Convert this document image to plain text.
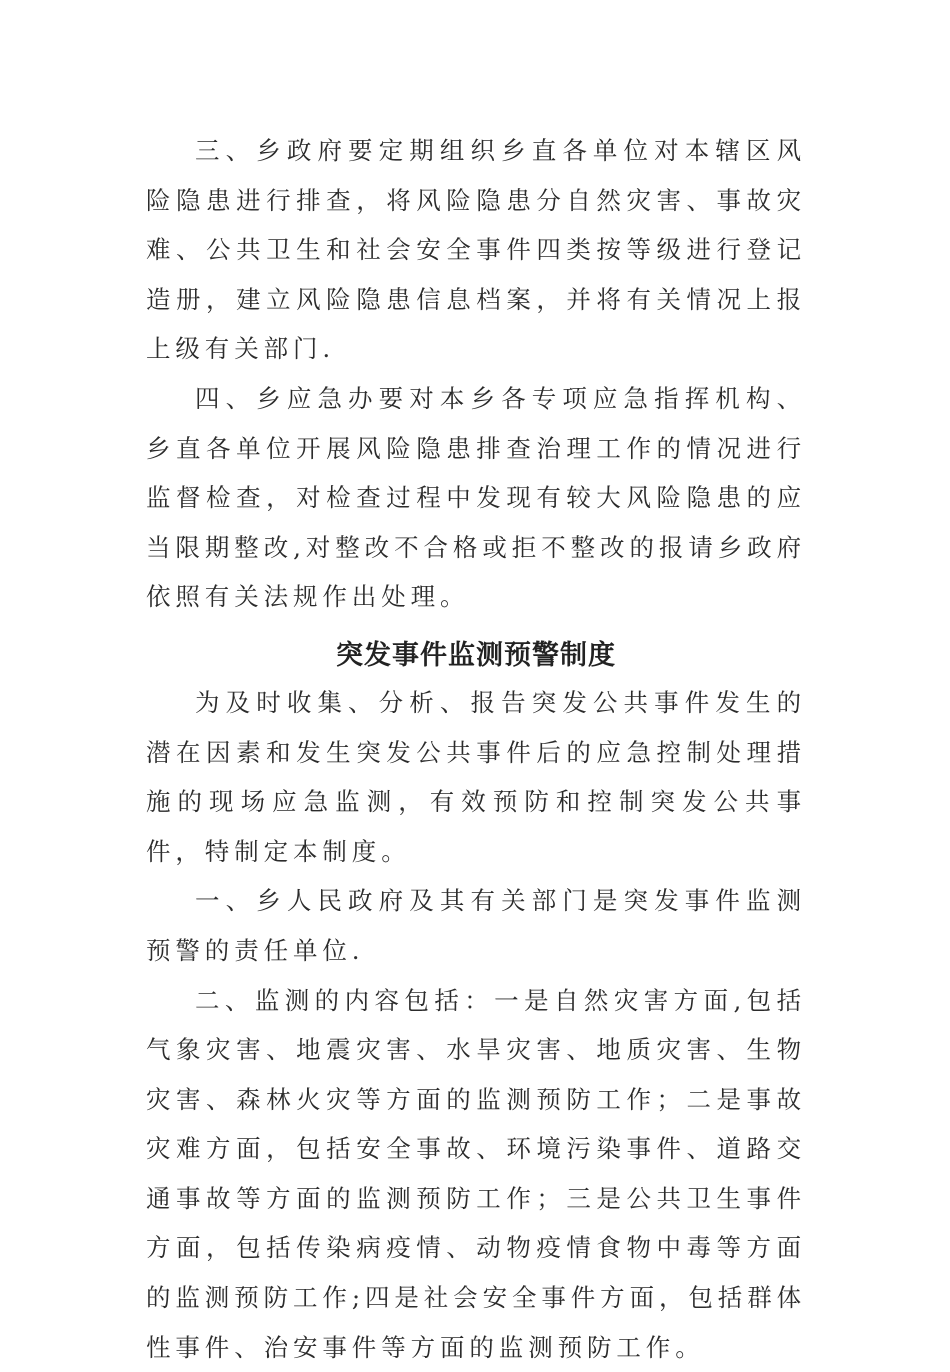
三、乡政府要定期组织乡直各单位对本辖区风险隐患进行排查，将风险隐患分自然灾害、事故灾难、公共卫生和社会安全事件四类按等级进行登记造册，建立风险隐患信息档案，并将有关情况上报上级有关部门.

四、乡应急办要对本乡各专项应急指挥机构、乡直各单位开展风险隐患排查治理工作的情况进行监督检查，对检查过程中发现有较大风险隐患的应当限期整改,对整改不合格或拒不整改的报请乡政府依照有关法规作出处理。

突发事件监测预警制度

为及时收集、分析、报告突发公共事件发生的潜在因素和发生突发公共事件后的应急控制处理措施的现场应急监测，有效预防和控制突发公共事件，特制定本制度。

一、乡人民政府及其有关部门是突发事件监测预警的责任单位.

二、监测的内容包括：一是自然灾害方面,包括气象灾害、地震灾害、水旱灾害、地质灾害、生物灾害、森林火灾等方面的监测预防工作；二是事故灾难方面，包括安全事故、环境污染事件、道路交通事故等方面的监测预防工作；三是公共卫生事件方面，包括传染病疫情、动物疫情食物中毒等方面的监测预防工作;四是社会安全事件方面，包括群体性事件、治安事件等方面的监测预防工作。
